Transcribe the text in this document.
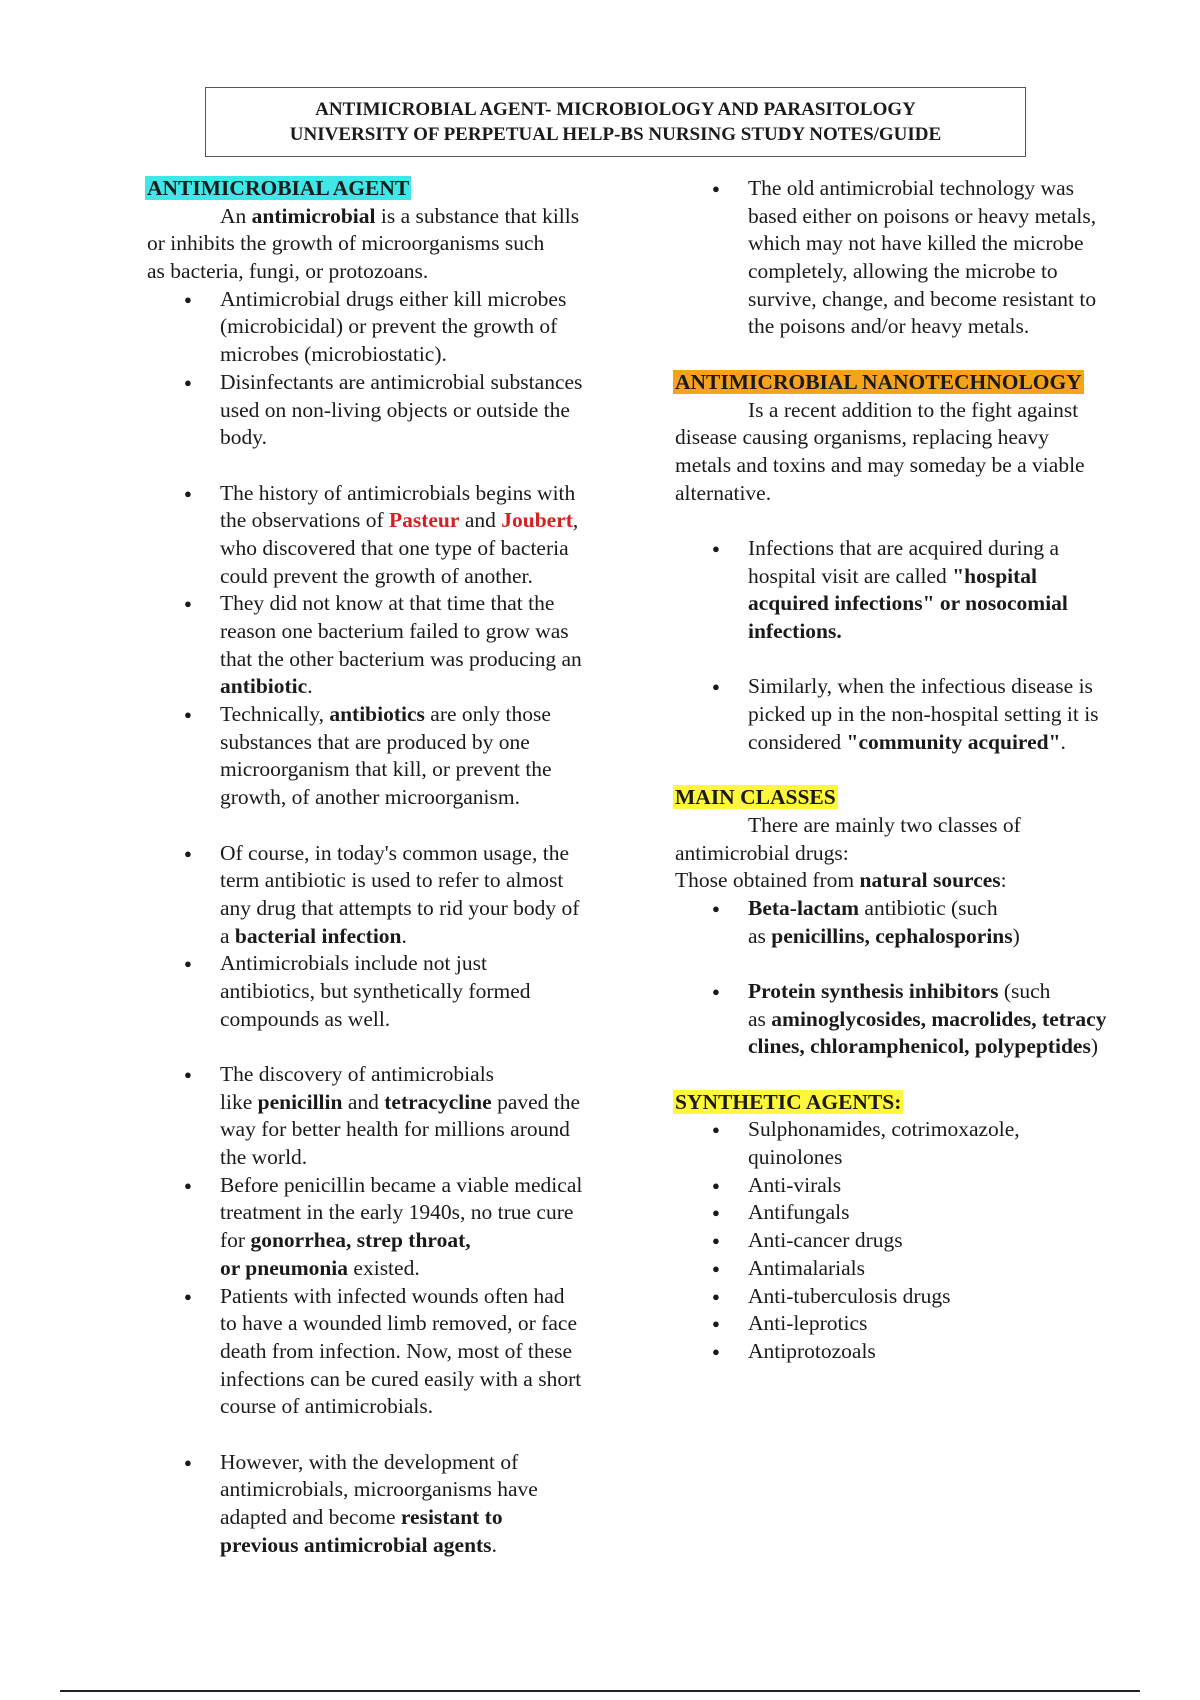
ANTIMICROBIAL AGENT- MICROBIOLOGY AND PARASITOLOGY
UNIVERSITY OF PERPETUAL HELP-BS NURSING STUDY NOTES/GUIDE
ANTIMICROBIAL AGENT
An antimicrobial is a substance that kills
or inhibits the growth of microorganisms such
as bacteria, fungi, or protozoans.
● Antimicrobial drugs either kill microbes
(microbicidal) or prevent the growth of
microbes (microbiostatic).
● Disinfectants are antimicrobial substances
used on non-living objects or outside the
body.
● The history of antimicrobials begins with
the observations of Pasteur and Joubert,
who discovered that one type of bacteria
could prevent the growth of another.
● They did not know at that time that the
reason one bacterium failed to grow was
that the other bacterium was producing an
antibiotic.
● Technically, antibiotics are only those
substances that are produced by one
microorganism that kill, or prevent the
growth, of another microorganism.
● Of course, in today's common usage, the
term antibiotic is used to refer to almost
any drug that attempts to rid your body of
a bacterial infection.
● Antimicrobials include not just
antibiotics, but synthetically formed
compounds as well.
● The discovery of antimicrobials
like penicillin and tetracycline paved the
way for better health for millions around
the world.
● Before penicillin became a viable medical
treatment in the early 1940s, no true cure
for gonorrhea, strep throat,
or pneumonia existed.
● Patients with infected wounds often had
to have a wounded limb removed, or face
death from infection. Now, most of these
infections can be cured easily with a short
course of antimicrobials.
● However, with the development of
antimicrobials, microorganisms have
adapted and become resistant to
previous antimicrobial agents.
● The old antimicrobial technology was
based either on poisons or heavy metals,
which may not have killed the microbe
completely, allowing the microbe to
survive, change, and become resistant to
the poisons and/or heavy metals.
ANTIMICROBIAL NANOTECHNOLOGY
Is a recent addition to the fight against
disease causing organisms, replacing heavy
metals and toxins and may someday be a viable
alternative.
● Infections that are acquired during a
hospital visit are called "hospital
acquired infections" or nosocomial
infections.
● Similarly, when the infectious disease is
picked up in the non-hospital setting it is
considered "community acquired".
MAIN CLASSES
There are mainly two classes of
antimicrobial drugs:
Those obtained from natural sources:
● Beta-lactam antibiotic (such
as penicillins, cephalosporins)
● Protein synthesis inhibitors (such
as aminoglycosides, macrolides, tetracy
clines, chloramphenicol, polypeptides)
SYNTHETIC AGENTS:
● Sulphonamides, cotrimoxazole,
quinolones
● Anti-virals
● Antifungals
● Anti-cancer drugs
● Antimalarials
● Anti-tuberculosis drugs
● Anti-leprotics
● Antiprotozoals
